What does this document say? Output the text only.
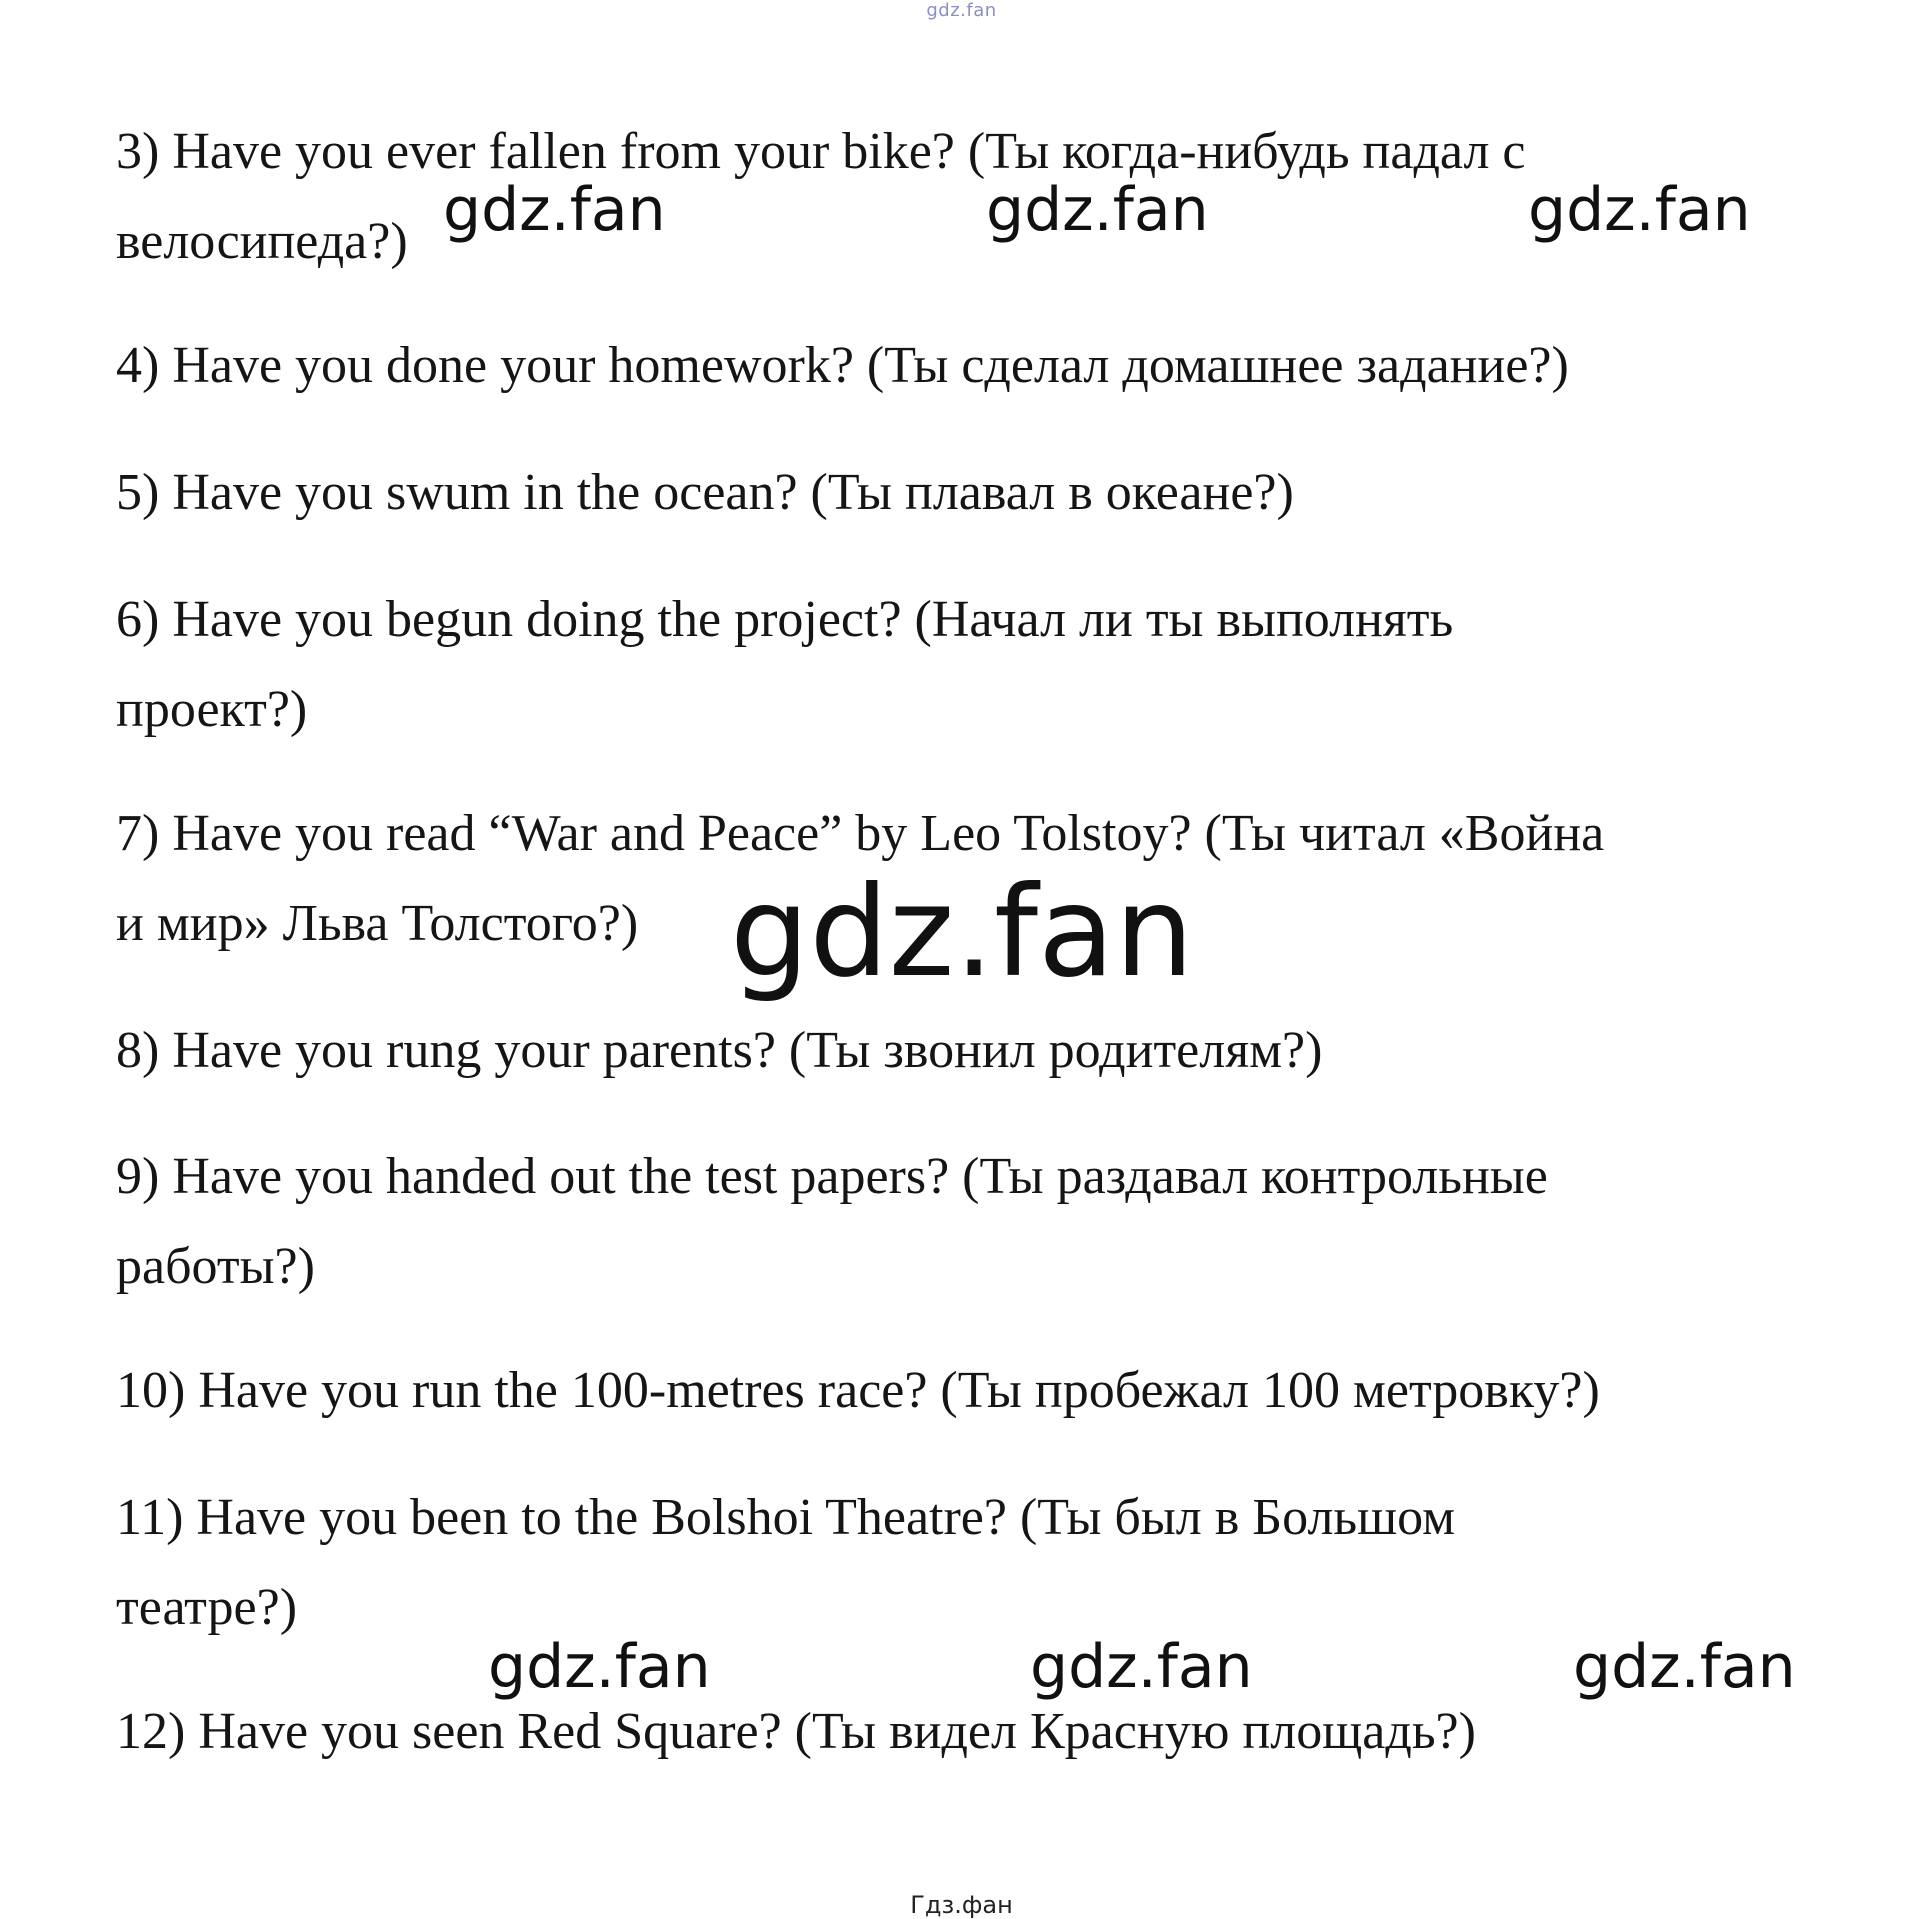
gdz.fan
3) Have you ever fallen from your bike? (Ты когда-нибудь падал с
велосипеда?)
4) Have you done your homework? (Ты сделал домашнее задание?)
5) Have you swum in the ocean? (Ты плавал в океане?)
6) Have you begun doing the project? (Начал ли ты выполнять
проект?)
7) Have you read “War and Peace” by Leo Tolstoy? (Ты читал «Война
и мир» Льва Толстого?)
8) Have you rung your parents? (Ты звонил родителям?)
9) Have you handed out the test papers? (Ты раздавал контрольные
работы?)
10) Have you run the 100-metres race? (Ты пробежал 100 метровку?)
11) Have you been to the Bolshoi Theatre? (Ты был в Большом
театре?)
12) Have you seen Red Square? (Ты видел Красную площадь?)
gdz.fan	gdz.fan	gdz.fan
gdz.fan
gdz.fan	gdz.fan	gdz.fan
Гдз.фан
